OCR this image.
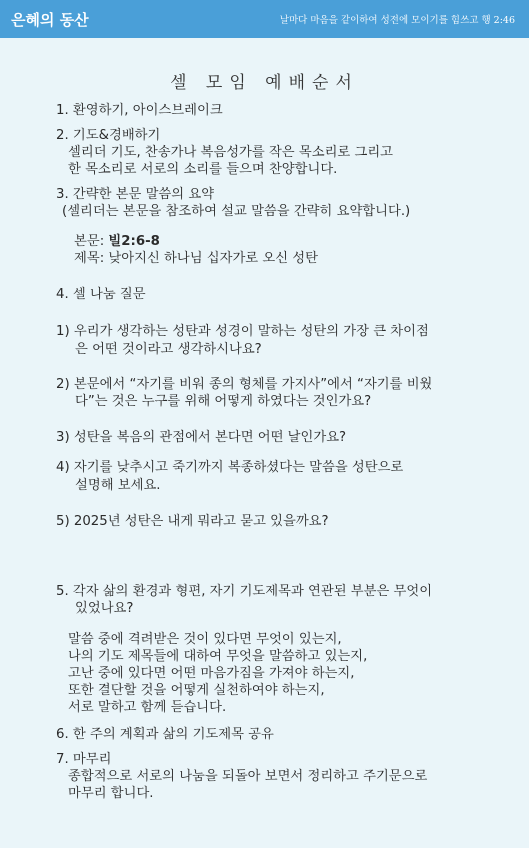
은혜의 동산	날마다 마음을 같이하여 성전에 모이기를 힘쓰고 행 2:46
셀 모임 예배순서
1. 환영하기, 아이스브레이크
2. 기도&경배하기
셀리더 기도, 찬송가나 복음성가를 작은 목소리로 그리고
한 목소리로 서로의 소리를 들으며 찬양합니다.
3. 간략한 본문 말씀의 요약
(셀리더는 본문을 참조하여 설교 말씀을 간략히 요약합니다.)
본문: 빌2:6-8
제목: 낮아지신 하나님 십자가로 오신 성탄
4. 셀 나눔 질문
1) 우리가 생각하는 성탄과 성경이 말하는 성탄의 가장 큰 차이점
은 어떤 것이라고 생각하시나요?
2) 본문에서 “자기를 비워 종의 형체를 가지사”에서 “자기를 비웠
다”는 것은 누구를 위해 어떻게 하였다는 것인가요?
3) 성탄을 복음의 관점에서 본다면 어떤 날인가요?
4) 자기를 낮추시고 죽기까지 복종하셨다는 말씀을 성탄으로
설명해 보세요.
5) 2025년 성탄은 내게 뭐라고 묻고 있을까요?
5. 각자 삶의 환경과 형편, 자기 기도제목과 연관된 부분은 무엇이
있었나요?
말씀 중에 격려받은 것이 있다면 무엇이 있는지,
나의 기도 제목들에 대하여 무엇을 말씀하고 있는지,
고난 중에 있다면 어떤 마음가짐을 가져야 하는지,
또한 결단할 것을 어떻게 실천하여야 하는지,
서로 말하고 함께 듣습니다.
6. 한 주의 계획과 삶의 기도제목 공유
7. 마무리
종합적으로 서로의 나눔을 되돌아 보면서 정리하고 주기문으로
마무리 합니다.
